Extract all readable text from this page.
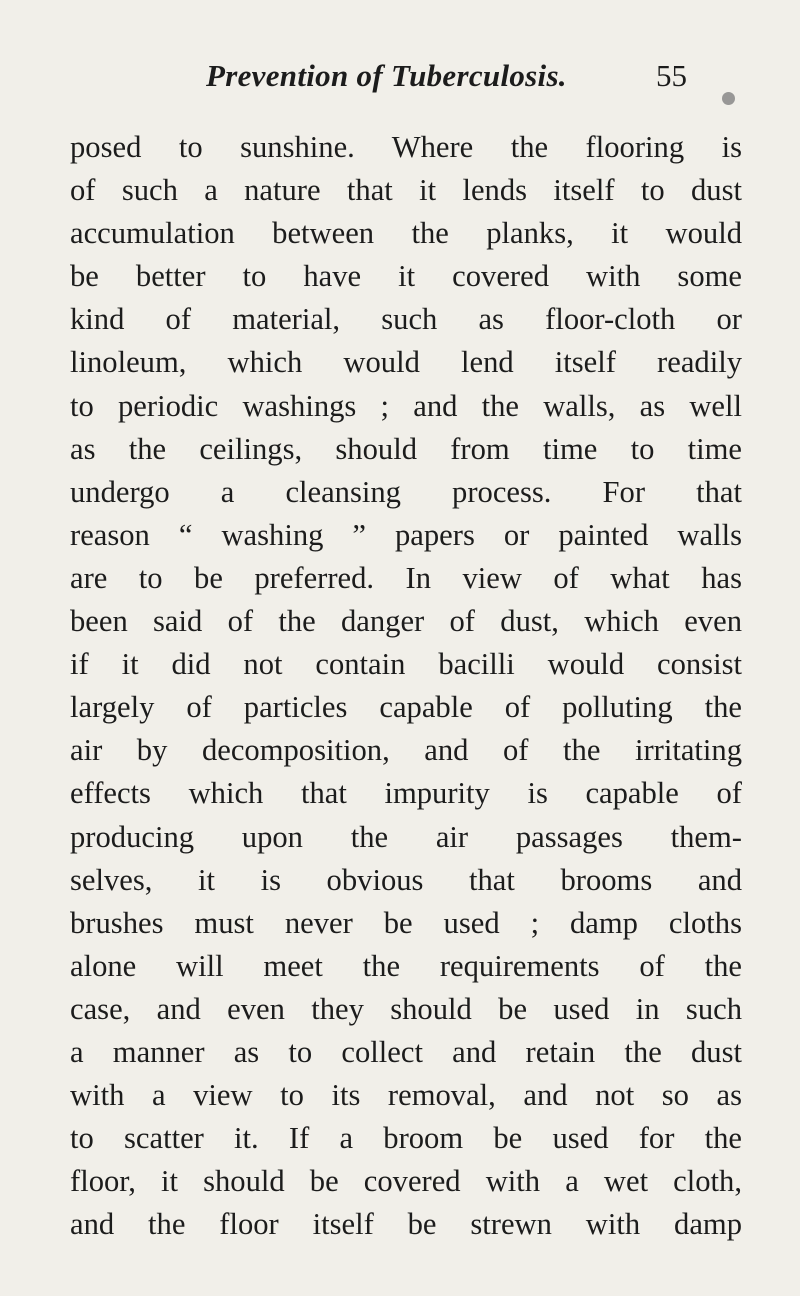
Prevention of Tuberculosis.	55
posed to sunshine. Where the flooring is
of such a nature that it lends itself to dust
accumulation between the planks, it would
be better to have it covered with some
kind of material, such as floor-cloth or
linoleum, which would lend itself readily
to periodic washings ; and the walls, as well
as the ceilings, should from time to time
undergo a cleansing process. For that
reason “ washing ” papers or painted walls
are to be preferred. In view of what has
been said of the danger of dust, which even
if it did not contain bacilli would consist
largely of particles capable of polluting the
air by decomposition, and of the irritating
effects which that impurity is capable of
producing upon the air passages them-
selves, it is obvious that brooms and
brushes must never be used ; damp cloths
alone will meet the requirements of the
case, and even they should be used in such
a manner as to collect and retain the dust
with a view to its removal, and not so as
to scatter it. If a broom be used for the
floor, it should be covered with a wet cloth,
and the floor itself be strewn with damp
